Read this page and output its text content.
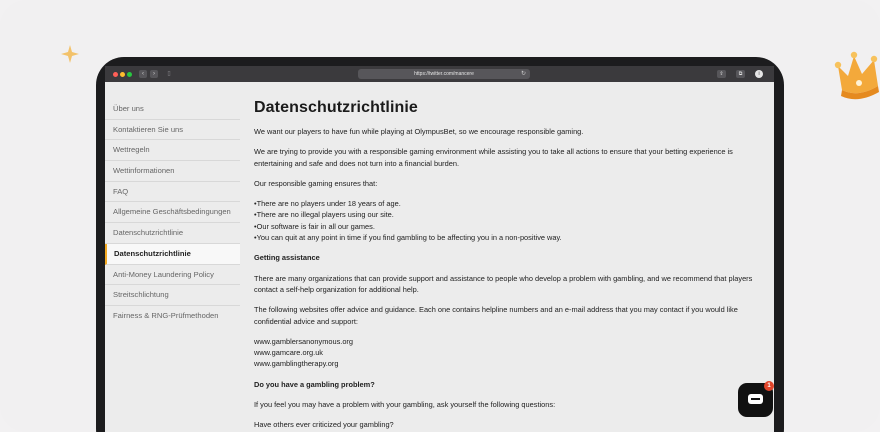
‹	›	▯	https://twitter.com/mancere	↻	⇧	⧉	i
Über uns
Kontaktieren Sie uns
Wettregeln
Wettinformationen
FAQ
Allgemeine Geschäftsbedingungen
Datenschutzrichtlinie
Datenschutzrichtlinie
Anti-Money Laundering Policy
Streitschlichtung
Fairness & RNG-Prüfmethoden
Datenschutzrichtlinie

We want our players to have fun while playing at OlympusBet, so we encourage responsible gaming.

We are trying to provide you with a responsible gaming environment while assisting you to take all actions to ensure that your betting experience is entertaining and safe and does not turn into a financial burden.

Our responsible gaming ensures that:

•There are no players under 18 years of age.

•There are no illegal players using our site.

•Our software is fair in all our games.

•You can quit at any point in time if you find gambling to be affecting you in a non-positive way.

Getting assistance

There are many organizations that can provide support and assistance to people who develop a problem with gambling, and we recommend that players contact a self-help organization for additional help.

The following websites offer advice and guidance. Each one contains helpline numbers and an e-mail address that you may contact if you would like confidential advice and support:

www.gamblersanonymous.org

www.gamcare.org.uk

www.gamblingtherapy.org

Do you have a gambling problem?

If you feel you may have a problem with your gambling, ask yourself the following questions:

Have others ever criticized your gambling?

1
